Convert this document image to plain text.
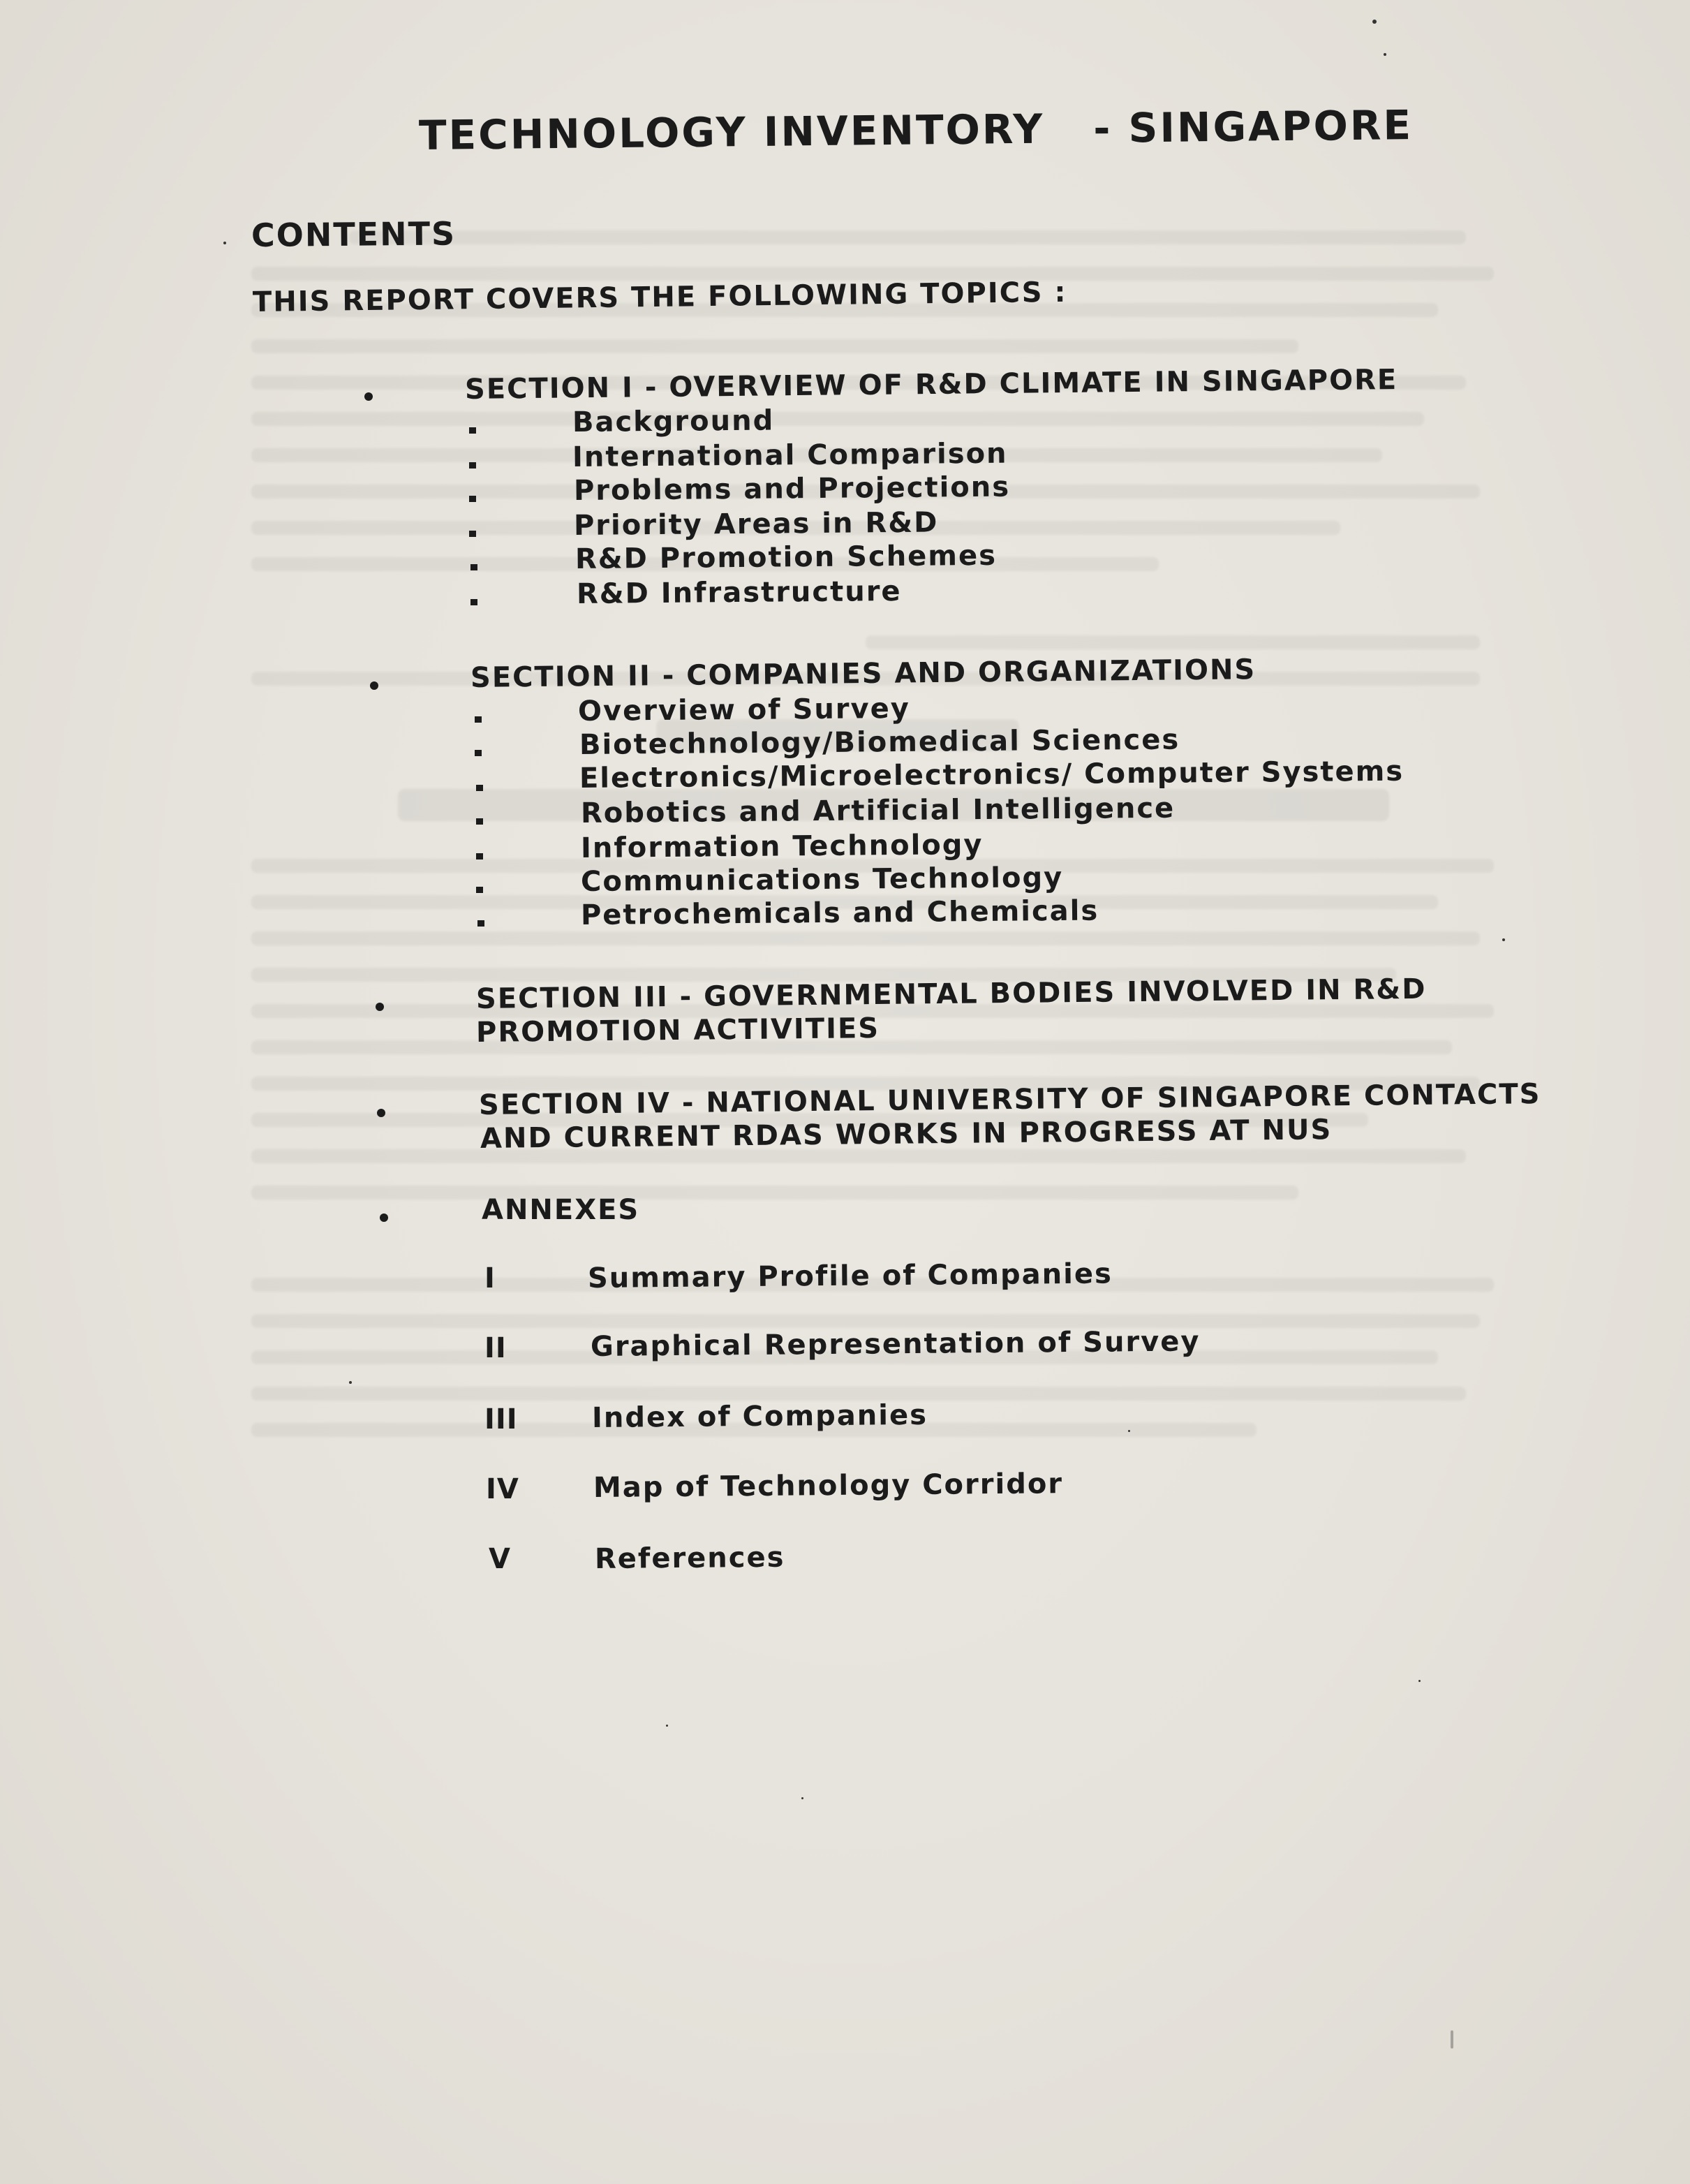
TECHNOLOGY INVENTORY - SINGAPORE
CONTENTS
THIS REPORT COVERS THE FOLLOWING TOPICS :
SECTION I - OVERVIEW OF R&D CLIMATE IN SINGAPORE
Background
International Comparison
Problems and Projections
Priority Areas in R&D
R&D Promotion Schemes
R&D Infrastructure
SECTION II - COMPANIES AND ORGANIZATIONS
Overview of Survey
Biotechnology/Biomedical Sciences
Electronics/Microelectronics/ Computer Systems
Robotics and Artificial Intelligence
Information Technology
Communications Technology
Petrochemicals and Chemicals
SECTION III - GOVERNMENTAL BODIES INVOLVED IN R&D
PROMOTION ACTIVITIES
SECTION IV - NATIONAL UNIVERSITY OF SINGAPORE CONTACTS
AND CURRENT RDAS WORKS IN PROGRESS AT NUS
ANNEXES
I	Summary Profile of Companies
II	Graphical Representation of Survey
III	Index of Companies
IV	Map of Technology Corridor
V	References
